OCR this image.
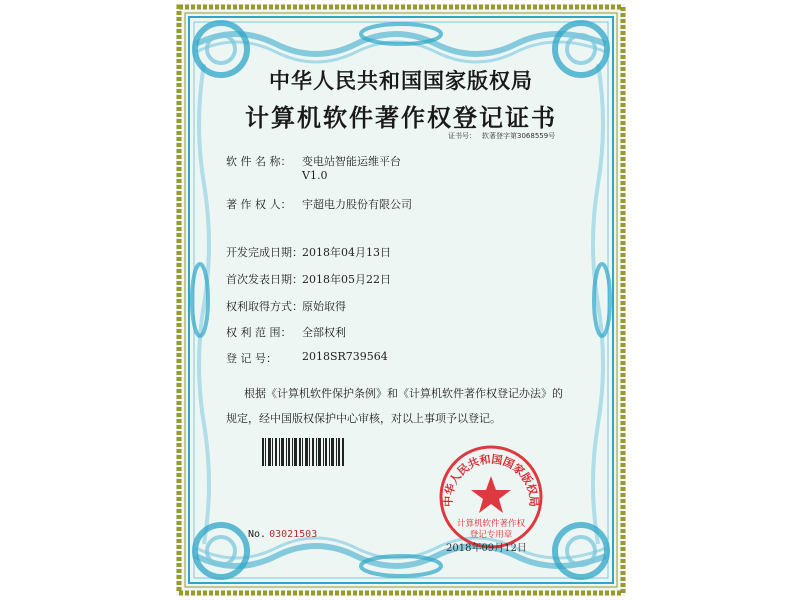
中华人民共和国国家版权局
计算机软件著作权登记证书
证书号： 软著登字第3068559号
软 件 名 称： 变电站智能运维平台
V1.0
著 作 权 人： 宇超电力股份有限公司
开发完成日期：2018年04月13日
首次发表日期：2018年05月22日
权利取得方式：原始取得
权 利 范 围： 全部权利
登 记 号： 2018SR739564
根据《计算机软件保护条例》和《计算机软件著作权登记办法》的
规定，经中国版权保护中心审核，对以上事项予以登记。
No. 03021503
中华人民共和国国家版权局
计算机软件著作权
登记专用章
2018年09月12日
